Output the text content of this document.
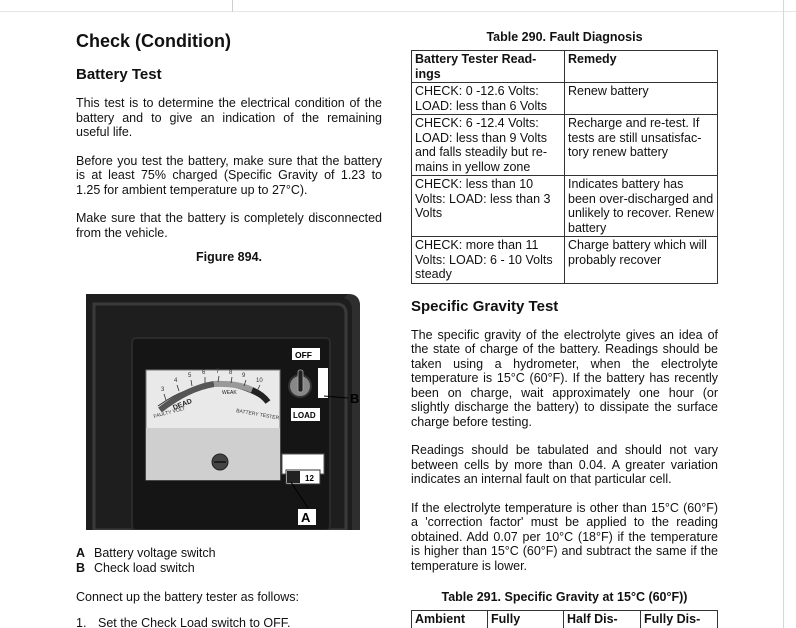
Check (Condition)
Battery Test

This test is to determine the electrical condition of the battery and to give an indication of the remaining useful life.

Before you test the battery, make sure that the battery is at least 75% charged (Specific Gravity of 1.23 to 1.25 for ambient temperature up to 27°C).

Make sure that the battery is completely disconnected from the vehicle.

Figure 894.
3
4
5 6 7 8 9
10
DEAD
WEAK
FAULTY VOLT	BATTERY TESTER
OFF
LOAD
12
B
A
A Battery voltage switch
B Check load switch
Connect up the battery tester as follows:
1. Set the Check Load switch to OFF.
Table 290. Fault Diagnosis
Battery Tester Read-ings	Remedy
CHECK: 0 -12.6 Volts: LOAD: less than 6 Volts	Renew battery
CHECK: 6 -12.4 Volts: LOAD: less than 9 Volts and falls steadily but re-mains in yellow zone	Recharge and re-test. If tests are still unsatisfac-tory renew battery
CHECK: less than 10 Volts: LOAD: less than 3 Volts	Indicates battery has been over-discharged and unlikely to recover. Renew battery
CHECK: more than 11 Volts: LOAD: 6 - 10 Volts steady	Charge battery which will probably recover
Specific Gravity Test

The specific gravity of the electrolyte gives an idea of the state of charge of the battery. Readings should be taken using a hydrometer, when the electrolyte temperature is 15°C (60°F). If the battery has recently been on charge, wait approximately one hour (or slightly discharge the battery) to dissipate the surface charge before testing.

Readings should be tabulated and should not vary between cells by more than 0.04. A greater variation indicates an internal fault on that particular cell.

If the electrolyte temperature is other than 15°C (60°F) a 'correction factor' must be applied to the reading obtained. Add 0.07 per 10°C (18°F) if the temperature is higher than 15°C (60°F) and subtract the same if the temperature is lower.

Table 291. Specific Gravity at 15°C (60°F))
Ambient	Fully	Half Dis-	Fully Dis-
